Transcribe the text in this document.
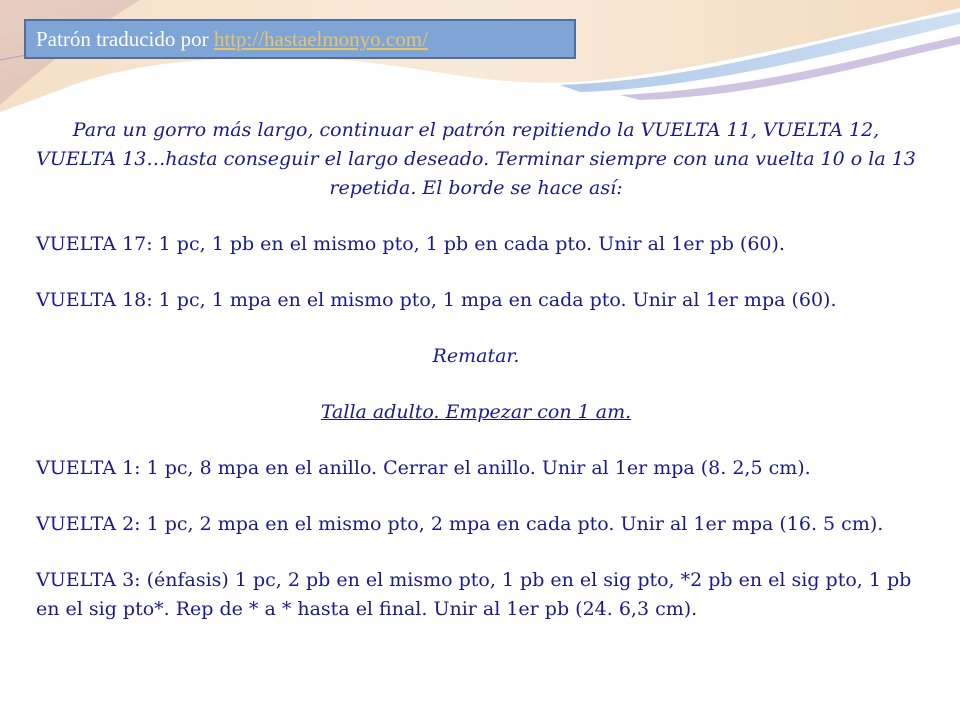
Patrón traducido por http://hastaelmonyo.com/

Para un gorro más largo, continuar el patrón repitiendo la VUELTA 11, VUELTA 12, VUELTA 13…hasta conseguir el largo deseado. Terminar siempre con una vuelta 10 o la 13 repetida. El borde se hace así:

VUELTA 17: 1 pc, 1 pb en el mismo pto, 1 pb en cada pto. Unir al 1er pb (60).

VUELTA 18: 1 pc, 1 mpa en el mismo pto, 1 mpa en cada pto. Unir al 1er mpa (60).

Rematar.

Talla adulto. Empezar con 1 am.

VUELTA 1: 1 pc, 8 mpa en el anillo. Cerrar el anillo. Unir al 1er mpa (8. 2,5 cm).

VUELTA 2: 1 pc, 2 mpa en el mismo pto, 2 mpa en cada pto. Unir al 1er mpa (16. 5 cm).

VUELTA 3: (énfasis) 1 pc, 2 pb en el mismo pto, 1 pb en el sig pto, *2 pb en el sig pto, 1 pb en el sig pto*. Rep de * a * hasta el final. Unir al 1er pb (24. 6,3 cm).
